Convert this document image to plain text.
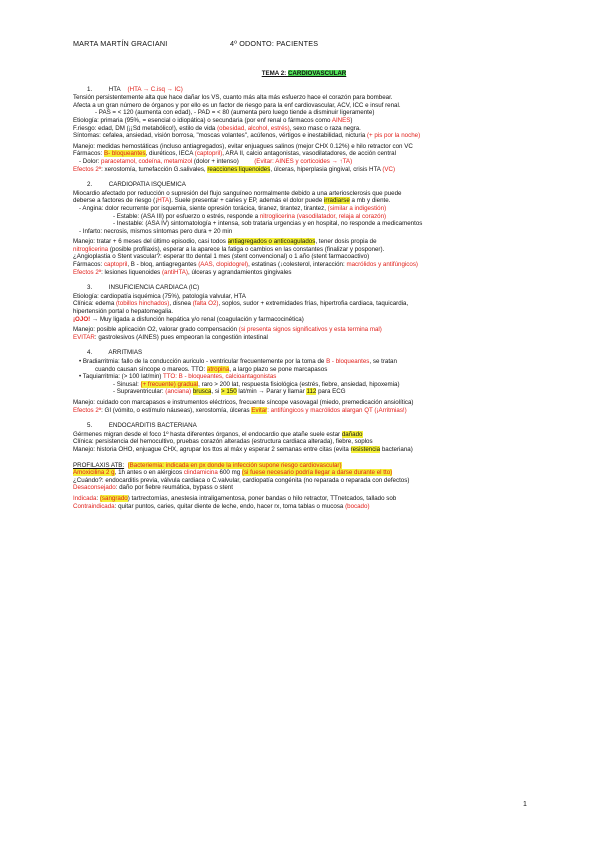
MARTA MARTÍN GRACIANI	4º ODONTO: PACIENTES
TEMA 2: CARDIOVASCULAR
1.	HTA (HTA → C.isq → IC)
Tensión persistentemente alta que hace dañar los VS, cuanto más alta más esfuerzo hace el corazón para bombear.
Afecta a un gran número de órganos y por ello es un factor de riesgo para la enf cardiovascular, ACV, ICC e insuf renal.
- PAS = < 120 (aumenta con edad), - PAD = < 80 (aumenta pero luego tiende a disminuir ligeramente)
Etiología: primaria (95%, = esencial o idiopática) o secundaria (por enf renal o fármacos como AINES)
F.riesgo: edad, DM (¡¡Sd metabólico!), estilo de vida (obesidad, alcohol, estrés), sexo masc o raza negra.
Síntomas: cefalea, ansiedad, visión borrosa, "moscas volantes", acúfenos, vértigos e inestabilidad, nicturia (+ pis por la noche)
Manejo: medidas hemostáticas (incluso antiagregados), evitar enjuagues salinos (mejor CHX 0.12%) e hilo retractor con VC
Fármacos: B- bloqueantes, diuréticos, IECA (captopril), ARA II, calcio antagonistas, vasodilatadores, de acción central
- Dolor: paracetamol, codeína, metamizol (dolor + intenso) (Evitar: AINES y corticoides → ↑TA)
Efectos 2ª: xerostomía, tumefacción G.salivales, reacciones liquenoides, úlceras, hiperplasia gingival, crisis HTA (VC)
2.	CARDIOPATÍA ISQUÉMICA
Miocardio afectado por reducción o supresión del flujo sanguíneo normalmente debido a una arteriosclerosis que puede
deberse a factores de riesgo (¡HTA). Suele presentar + caries y EP, además el dolor puede irradiarse a mb y diente.
- Angina: dolor recurrente por isquemia, siente opresión torácica, tiranez, tirantez, tirantez, (similar a indigestión)
- Estable: (ASA III) por esfuerzo o estrés, responde a nitroglicerina (vasodilatador, relaja al corazón)
- Inestable: (ASA IV) sintomatología + intensa, sob trataria urgencias y en hospital, no responde a medicamentos
- Infarto: necrosis, mismos síntomas pero dura + 20 min
Manejo: tratar + 6 meses del último episodio, casi todos antiagregados o anticoagulados, tener dosis propia de
nitroglicerina (posible profilaxis), esperar a la aparece la fatiga o cambios en las constantes (finalizar y posponer).
¿Angioplastia o Stent vascular?: esperar tto dental 1 mes (stent convencional) o 1 año (stent farmacoactivo)
Fármacos: captopril, B - bloq, antiagregantes (AAS, clopidogrel), estatinas (↓colesterol, interacción: macrólidos y antifúngicos)
Efectos 2ª: lesiones liquenoides (antiHTA), úlceras y agrandamientos gingivales
3.	INSUFICIENCIA CARDIACA (IC)
Etiología: cardiopatía isquémica (75%), patología valvular, HTA
Clínica: edema (tobillos hinchados), disnea (falta O2), soplos, sudor + extremidades frías, hipertrofia cardiaca, taquicardia,
hipertensión portal o hepatomegalia.
¡OJO! → Muy ligada a disfunción hepática y/o renal (coagulación y farmacocinética)
Manejo: posible aplicación O2, valorar grado compensación (si presenta signos significativos y esta termina mal)
EVITAR: gastrolesivos (AINES) pues empeoran la congestión intestinal
4.	ARRITMIAS
• Bradiarritmia: fallo de la conducción auriculo - ventricular frecuentemente por la toma de B - bloqueantes, se tratan
cuando causan síncope o mareos. TTO: atropina, a largo plazo se pone marcapasos
• Taquiarritmia: (> 100 lat/min) TTO: B - bloqueantes, calcioantagonistas
- Sinusal: (+ frecuente) gradual, raro > 200 lat, respuesta fisiológica (estrés, fiebre, ansiedad, hipoxemia)
- Supraventricular: (anciana) brusca, si > 150 lat/min → Parar y llamar 112 para ECG
Manejo: cuidado con marcapasos e instrumentos eléctricos, frecuente síncope vasovagal (miedo, premedicación ansiolítica)
Efectos 2ª: GI (vómito, o estímulo náuseas), xerostomía, úlceras Evitar: antifúngicos y macrólidos alargan QT (¡Arritmias!)
5.	ENDOCARDITIS BACTERIANA
Gérmenes migran desde el foco 1º hasta diferentes órganos, el endocardio que atañe suele estar dañado
Clínica: persistencia del hemocultivo, pruebas corazón alteradas (estructura cardiaca alterada), fiebre, soplos
Manejo: historia OHO, enjuague CHX, agrupar los ttos al máx y esperar 2 semanas entre citas (evita resistencia bacteriana)
PROFILAXIS ATB: (Bacteriemia: indicada en px donde la infección supone riesgo cardiovascular)
Amoxicilina 2 g, 1h antes o en alérgicos clindamicina 600 mg (si fuese necesario podría llegar a darse durante el tto)
¿Cuándo?: endocarditis previa, válvula cardiaca o C.valvular, cardiopatía congénita (no reparada o reparada con defectos)
Desaconsejado: daño por fiebre reumática, bypass o stent
Indicada: (sangrado) tartrectomías, anestesia intraligamentosa, poner bandas o hilo retractor, TTnetcados, tallado sob
Contraindicada: quitar puntos, caries, quitar diente de leche, endo, hacer rx, toma tablas o mucosa (bocado)
1
